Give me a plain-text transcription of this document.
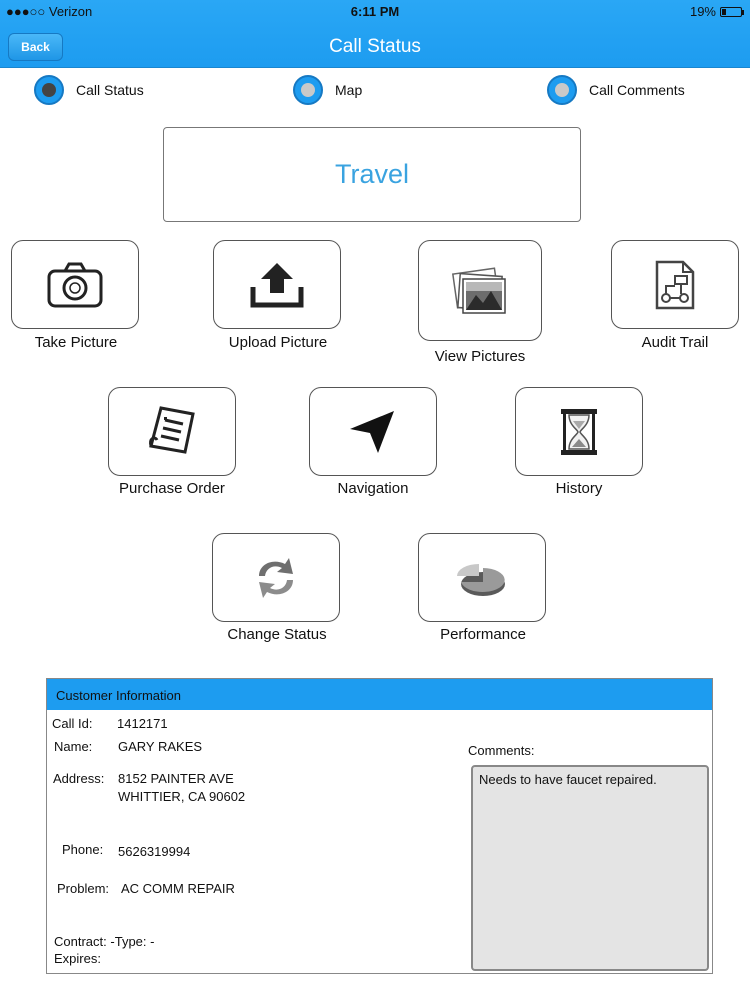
●●●○○ Verizon	6:11 PM	19%
Back	Call Status
Call Status	Map	Call Comments
Travel
Take Picture	Upload Picture
View Pictures
Audit Trail
Purchase Order	Navigation	History
Change Status	Performance
Customer Information
Call Id: 1412171
Name: GARY RAKES
Address: 8152 PAINTER AVE
WHITTIER, CA 90602
Phone: 5626319994
Problem: AC COMM REPAIR
Contract: -Type: -
Expires:
Comments:
Needs to have faucet repaired.
